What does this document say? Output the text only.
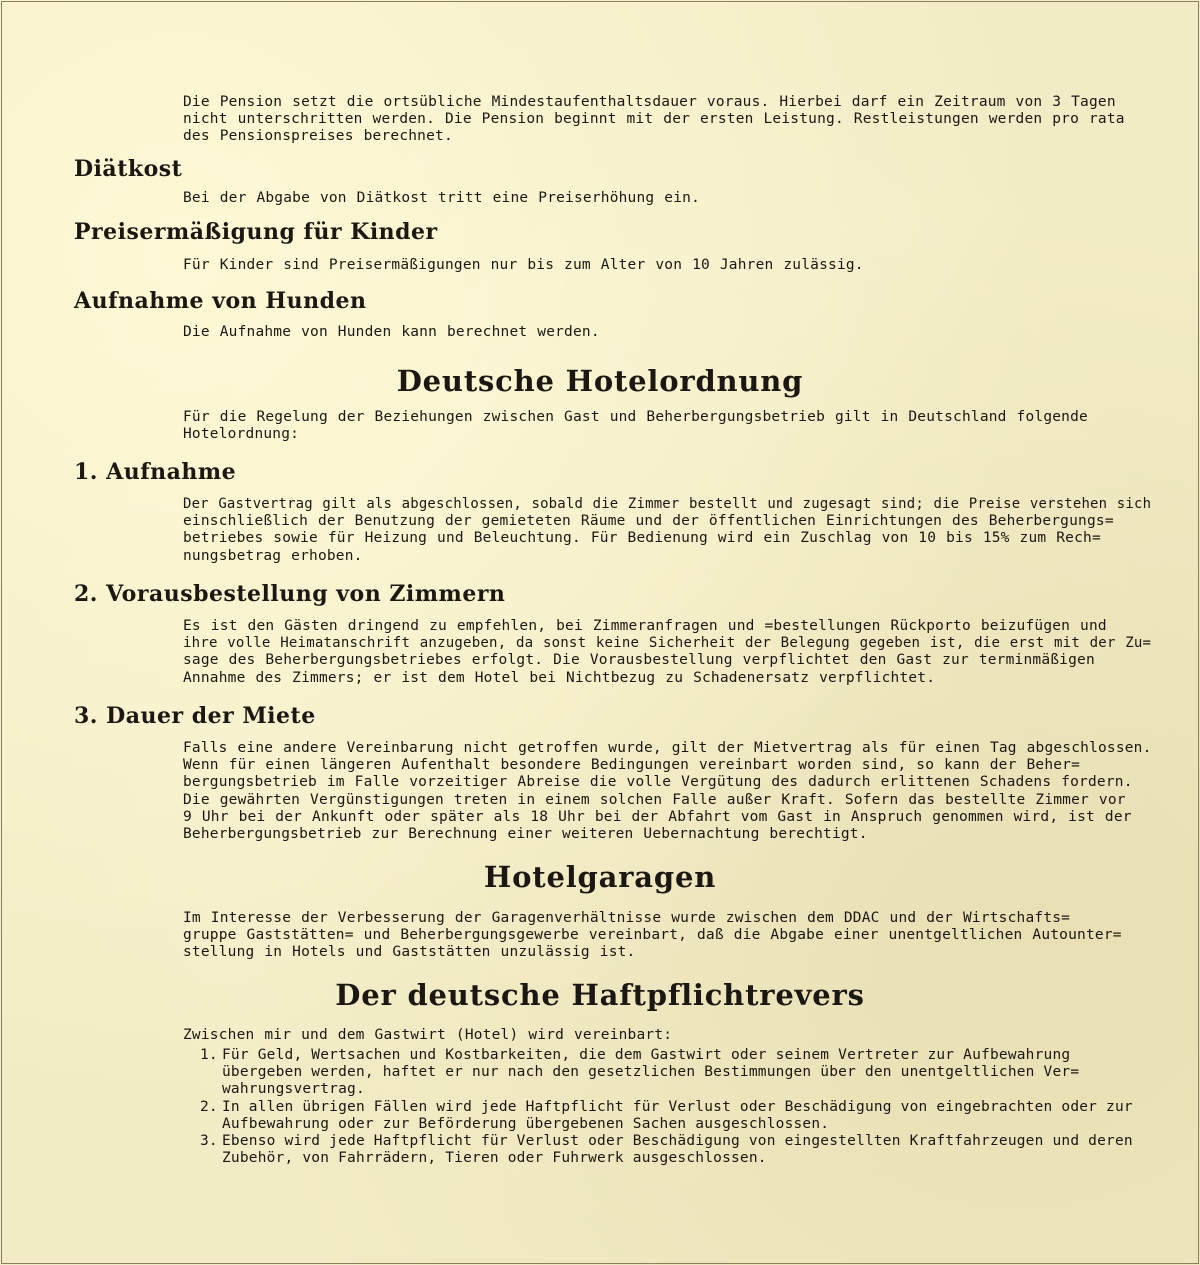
Die Pension setzt die ortsübliche Mindestaufenthaltsdauer voraus. Hierbei darf ein Zeitraum von 3 Tagen
nicht unterschritten werden. Die Pension beginnt mit der ersten Leistung. Restleistungen werden pro rata
des Pensionspreises berechnet.
Diätkost
Bei der Abgabe von Diätkost tritt eine Preiserhöhung ein.
Preisermäßigung für Kinder
Für Kinder sind Preisermäßigungen nur bis zum Alter von 10 Jahren zulässig.
Aufnahme von Hunden
Die Aufnahme von Hunden kann berechnet werden.
Deutsche Hotelordnung
Für die Regelung der Beziehungen zwischen Gast und Beherbergungsbetrieb gilt in Deutschland folgende
Hotelordnung:
1. Aufnahme
Der Gastvertrag gilt als abgeschlossen, sobald die Zimmer bestellt und zugesagt sind; die Preise verstehen sich
einschließlich der Benutzung der gemieteten Räume und der öffentlichen Einrichtungen des Beherbergungs=
betriebes sowie für Heizung und Beleuchtung. Für Bedienung wird ein Zuschlag von 10 bis 15% zum Rech=
nungsbetrag erhoben.
2. Vorausbestellung von Zimmern
Es ist den Gästen dringend zu empfehlen, bei Zimmeranfragen und =bestellungen Rückporto beizufügen und
ihre volle Heimatanschrift anzugeben, da sonst keine Sicherheit der Belegung gegeben ist, die erst mit der Zu=
sage des Beherbergungsbetriebes erfolgt. Die Vorausbestellung verpflichtet den Gast zur terminmäßigen
Annahme des Zimmers; er ist dem Hotel bei Nichtbezug zu Schadenersatz verpflichtet.
3. Dauer der Miete
Falls eine andere Vereinbarung nicht getroffen wurde, gilt der Mietvertrag als für einen Tag abgeschlossen.
Wenn für einen längeren Aufenthalt besondere Bedingungen vereinbart worden sind, so kann der Beher=
bergungsbetrieb im Falle vorzeitiger Abreise die volle Vergütung des dadurch erlittenen Schadens fordern.
Die gewährten Vergünstigungen treten in einem solchen Falle außer Kraft. Sofern das bestellte Zimmer vor
9 Uhr bei der Ankunft oder später als 18 Uhr bei der Abfahrt vom Gast in Anspruch genommen wird, ist der
Beherbergungsbetrieb zur Berechnung einer weiteren Uebernachtung berechtigt.
Hotelgaragen
Im Interesse der Verbesserung der Garagenverhältnisse wurde zwischen dem DDAC und der Wirtschafts=
gruppe Gaststätten= und Beherbergungsgewerbe vereinbart, daß die Abgabe einer unentgeltlichen Autounter=
stellung in Hotels und Gaststätten unzulässig ist.
Der deutsche Haftpflichtrevers
Zwischen mir und dem Gastwirt (Hotel) wird vereinbart:
1. Für Geld, Wertsachen und Kostbarkeiten, die dem Gastwirt oder seinem Vertreter zur Aufbewahrung
übergeben werden, haftet er nur nach den gesetzlichen Bestimmungen über den unentgeltlichen Ver=
wahrungsvertrag.
2. In allen übrigen Fällen wird jede Haftpflicht für Verlust oder Beschädigung von eingebrachten oder zur
Aufbewahrung oder zur Beförderung übergebenen Sachen ausgeschlossen.
3. Ebenso wird jede Haftpflicht für Verlust oder Beschädigung von eingestellten Kraftfahrzeugen und deren
Zubehör, von Fahrrädern, Tieren oder Fuhrwerk ausgeschlossen.
